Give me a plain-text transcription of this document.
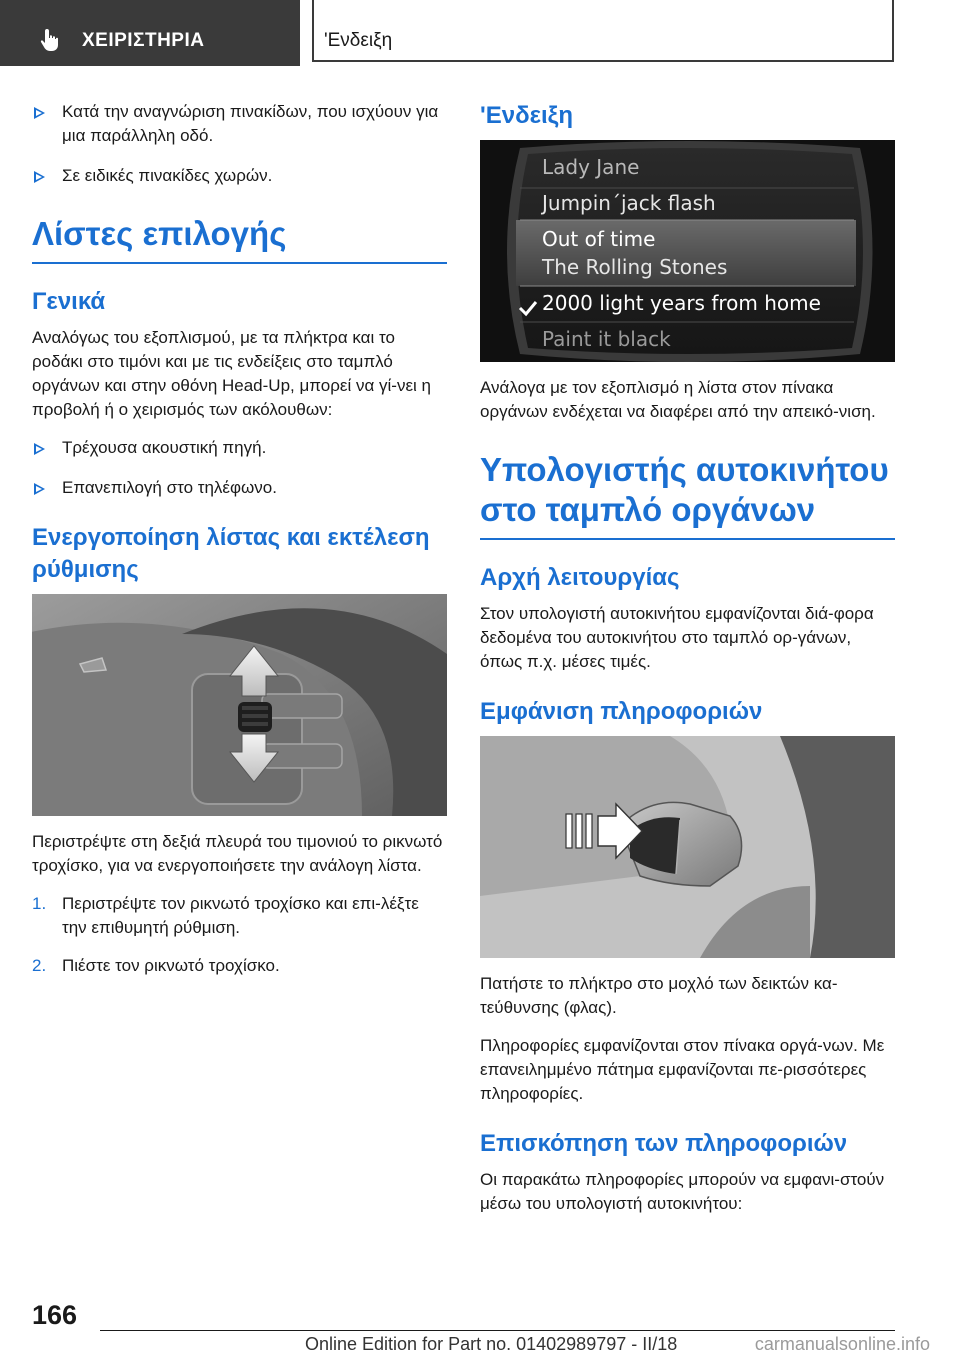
ΧΕΙΡΙΣΤΗΡΙΑ	'Ενδειξη
Κατά την αναγνώριση πινακίδων, που ισχύουν για μια παράλληλη οδό.
Σε ειδικές πινακίδες χωρών.
Λίστες επιλογής
Γενικά

Αναλόγως του εξοπλισμού, με τα πλήκτρα και το ροδάκι στο τιμόνι και με τις ενδείξεις στο ταμπλό οργάνων και στην οθόνη Head-Up, μπορεί να γί-νει η προβολή ή ο χειρισμός των ακόλουθων:

Τρέχουσα ακουστική πηγή.
Επανεπιλογή στο τηλέφωνο.
Ενεργοποίηση λίστας και εκτέλεση ρύθμισης

Περιστρέψτε στη δεξιά πλευρά του τιμονιού το ρικνωτό τροχίσκο, για να ενεργοποιήσετε την ανάλογη λίστα.

1. Περιστρέψτε τον ρικνωτό τροχίσκο και επι-λέξτε την επιθυμητή ρύθμιση.
2. Πιέστε τον ρικνωτό τροχίσκο.
'Ενδειξη
Lady Jane
Jumpin´jack flash
Out of time
The Rolling Stones
2000 light years from home
Paint it black

Ανάλογα με τον εξοπλισμό η λίστα στον πίνακα οργάνων ενδέχεται να διαφέρει από την απεικό-νιση.

Υπολογιστής αυτοκινήτου στο ταμπλό οργάνων
Αρχή λειτουργίας

Στον υπολογιστή αυτοκινήτου εμφανίζονται διά-φορα δεδομένα του αυτοκινήτου στο ταμπλό ορ-γάνων, όπως π.χ. μέσες τιμές.

Εμφάνιση πληροφοριών

Πατήστε το πλήκτρο στο μοχλό των δεικτών κα-τεύθυνσης (φλας).

Πληροφορίες εμφανίζονται στον πίνακα οργά-νων. Με επανειλημμένο πάτημα εμφανίζονται πε-ρισσότερες πληροφορίες.

Επισκόπηση των πληροφοριών

Οι παρακάτω πληροφορίες μπορούν να εμφανι-στούν μέσω του υπολογιστή αυτοκινήτου:

166
Online Edition for Part no. 01402989797 - II/18	carmanualsonline.info
